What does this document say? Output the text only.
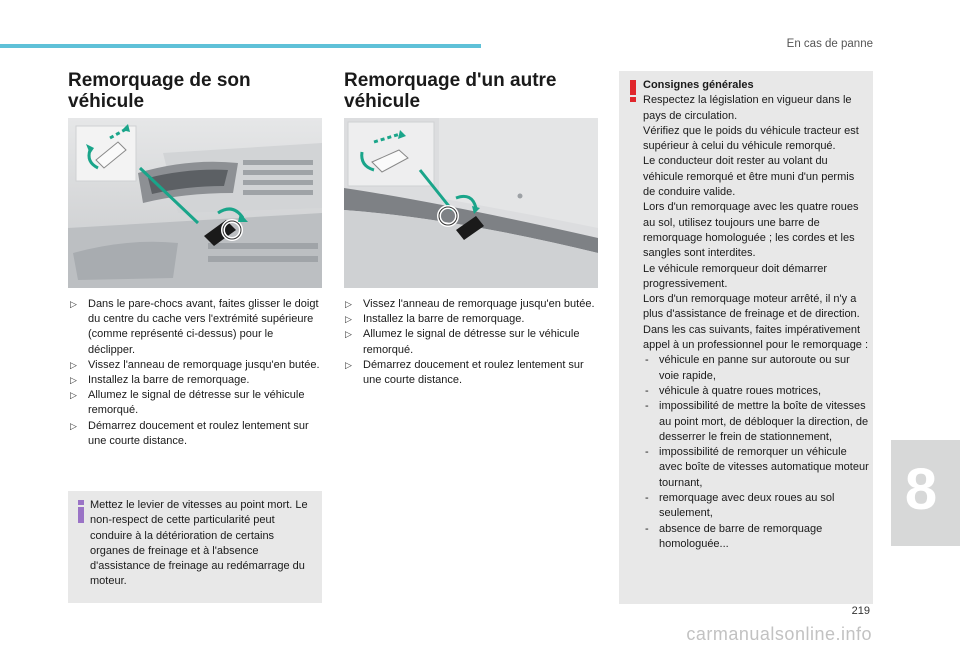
En cas de panne
Remorquage de son
véhicule
▷ Dans le pare-chocs avant, faites glisser le doigt du centre du cache vers l'extrémité supérieure (comme représenté ci-dessus) pour le déclipper.
▷ Vissez l'anneau de remorquage jusqu'en butée.
▷ Installez la barre de remorquage.
▷ Allumez le signal de détresse sur le véhicule remorqué.
▷ Démarrez doucement et roulez lentement sur une courte distance.

Mettez le levier de vitesses au point mort. Le non-respect de cette particularité peut conduire à la détérioration de certains organes de freinage et à l'absence d'assistance de freinage au redémarrage du moteur.

Remorquage d'un autre
véhicule
▷ Vissez l'anneau de remorquage jusqu'en butée.
▷ Installez la barre de remorquage.
▷ Allumez le signal de détresse sur le véhicule remorqué.
▷ Démarrez doucement et roulez lentement sur une courte distance.
Consignes générales

Respectez la législation en vigueur dans le pays de circulation.

Vérifiez que le poids du véhicule tracteur est supérieur à celui du véhicule remorqué.

Le conducteur doit rester au volant du véhicule remorqué et être muni d'un permis de conduire valide.

Lors d'un remorquage avec les quatre roues au sol, utilisez toujours une barre de remorquage homologuée ; les cordes et les sangles sont interdites.

Le véhicule remorqueur doit démarrer progressivement.

Lors d'un remorquage moteur arrêté, il n'y a plus d'assistance de freinage et de direction.

Dans les cas suivants, faites impérativement appel à un professionnel pour le remorquage :

- véhicule en panne sur autoroute ou sur voie rapide,
- véhicule à quatre roues motrices,
- impossibilité de mettre la boîte de vitesses au point mort, de débloquer la direction, de desserrer le frein de stationnement,
- impossibilité de remorquer un véhicule avec boîte de vitesses automatique moteur tournant,
- remorquage avec deux roues au sol seulement,
- absence de barre de remorquage homologuée...
8
219
carmanualsonline.info
